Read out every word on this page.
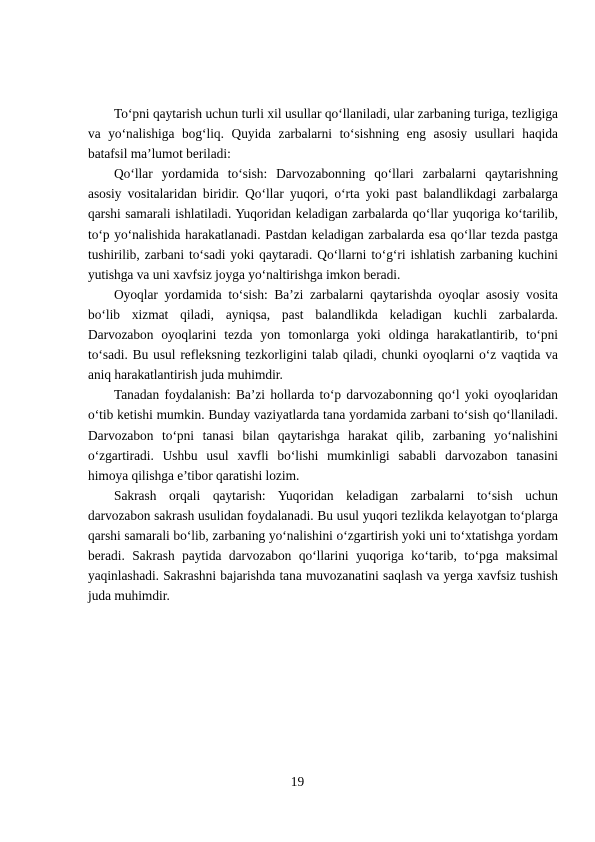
To‘pni qaytarish uchun turli xil usullar qo‘llaniladi, ular zarbaning turiga, tezligiga va yo‘nalishiga bog‘liq. Quyida zarbalarni to‘sishning eng asosiy usullari haqida batafsil ma’lumot beriladi:

Qo‘llar yordamida to‘sish: Darvozabonning qo‘llari zarbalarni qaytarishning asosiy vositalaridan biridir. Qo‘llar yuqori, o‘rta yoki past balandlikdagi zarbalarga qarshi samarali ishlatiladi. Yuqoridan keladigan zarbalarda qo‘llar yuqoriga ko‘tarilib, to‘p yo‘nalishida harakatlanadi. Pastdan keladigan zarbalarda esa qo‘llar tezda pastga tushirilib, zarbani to‘sadi yoki qaytaradi. Qo‘llarni to‘g‘ri ishlatish zarbaning kuchini yutishga va uni xavfsiz joyga yo‘naltirishga imkon beradi.

Oyoqlar yordamida to‘sish: Ba’zi zarbalarni qaytarishda oyoqlar asosiy vosita bo‘lib xizmat qiladi, ayniqsa, past balandlikda keladigan kuchli zarbalarda. Darvozabon oyoqlarini tezda yon tomonlarga yoki oldinga harakatlantirib, to‘pni to‘sadi. Bu usul refleksning tezkorligini talab qiladi, chunki oyoqlarni o‘z vaqtida va aniq harakatlantirish juda muhimdir.

Tanadan foydalanish: Ba’zi hollarda to‘p darvozabonning qo‘l yoki oyoqlaridan o‘tib ketishi mumkin. Bunday vaziyatlarda tana yordamida zarbani to‘sish qo‘llaniladi. Darvozabon to‘pni tanasi bilan qaytarishga harakat qilib, zarbaning yo‘nalishini o‘zgartiradi. Ushbu usul xavfli bo‘lishi mumkinligi sababli darvozabon tanasini himoya qilishga e’tibor qaratishi lozim.

Sakrash orqali qaytarish: Yuqoridan keladigan zarbalarni to‘sish uchun darvozabon sakrash usulidan foydalanadi. Bu usul yuqori tezlikda kelayotgan to‘plarga qarshi samarali bo‘lib, zarbaning yo‘nalishini o‘zgartirish yoki uni to‘xtatishga yordam beradi. Sakrash paytida darvozabon qo‘llarini yuqoriga ko‘tarib, to‘pga maksimal yaqinlashadi. Sakrashni bajarishda tana muvozanatini saqlash va yerga xavfsiz tushish juda muhimdir.

19
